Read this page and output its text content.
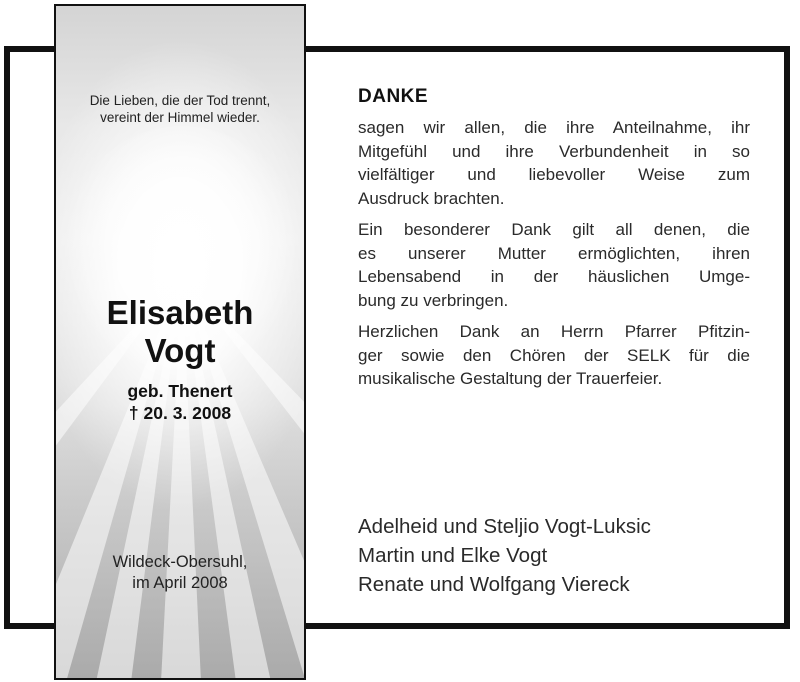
Die Lieben, die der Tod trennt,
vereint der Himmel wieder.
Elisabeth
Vogt
geb. Thenert
† 20. 3. 2008
Wildeck-Obersuhl,
im April 2008
DANKE
sagen wir allen, die ihre Anteilnahme, ihr
Mitgefühl und ihre Verbundenheit in so
vielfältiger und liebevoller Weise zum
Ausdruck brachten.
Ein besonderer Dank gilt all denen, die
es unserer Mutter ermöglichten, ihren
Lebensabend in der häuslichen Umge-
bung zu verbringen.
Herzlichen Dank an Herrn Pfarrer Pfitzin-
ger sowie den Chören der SELK für die
musikalische Gestaltung der Trauerfeier.
Adelheid und Steljio Vogt-Luksic
Martin und Elke Vogt
Renate und Wolfgang Viereck
